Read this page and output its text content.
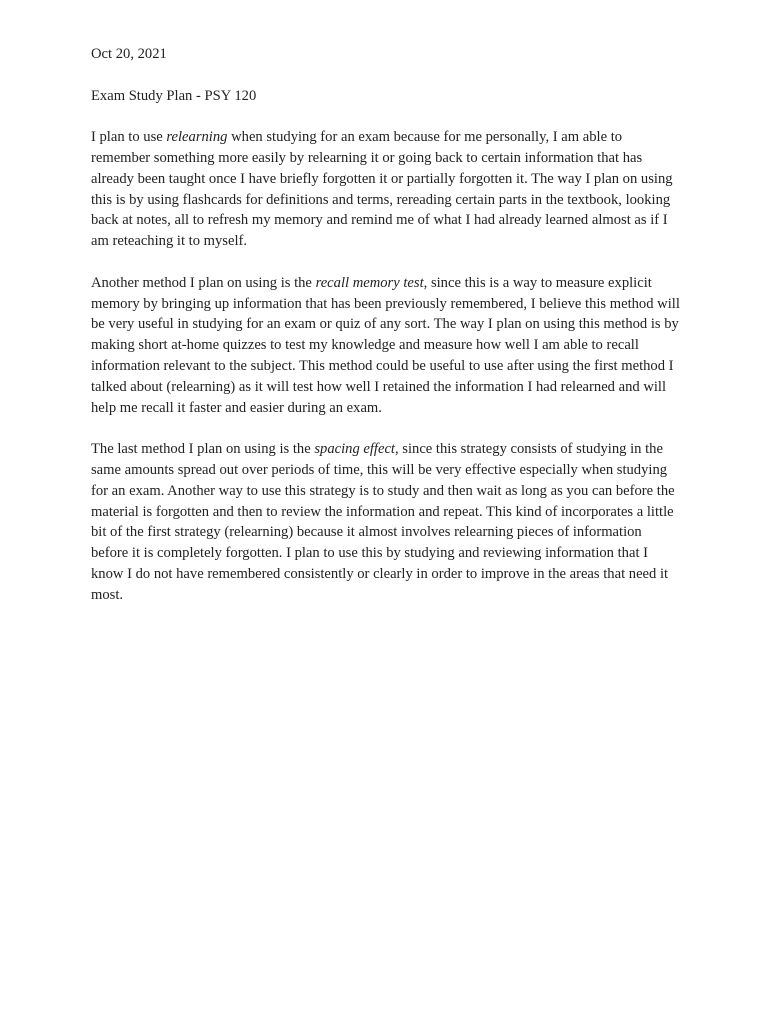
Oct 20, 2021
Exam Study Plan - PSY 120

I plan to use relearning when studying for an exam because for me personally, I am able to remember something more easily by relearning it or going back to certain information that has already been taught once I have briefly forgotten it or partially forgotten it. The way I plan on using this is by using flashcards for definitions and terms, rereading certain parts in the textbook, looking back at notes, all to refresh my memory and remind me of what I had already learned almost as if I am reteaching it to myself.

Another method I plan on using is the recall memory test, since this is a way to measure explicit memory by bringing up information that has been previously remembered, I believe this method will be very useful in studying for an exam or quiz of any sort. The way I plan on using this method is by making short at-home quizzes to test my knowledge and measure how well I am able to recall information relevant to the subject. This method could be useful to use after using the first method I talked about (relearning) as it will test how well I retained the information I had relearned and will help me recall it faster and easier during an exam.

The last method I plan on using is the spacing effect, since this strategy consists of studying in the same amounts spread out over periods of time, this will be very effective especially when studying for an exam. Another way to use this strategy is to study and then wait as long as you can before the material is forgotten and then to review the information and repeat. This kind of incorporates a little bit of the first strategy (relearning) because it almost involves relearning pieces of information before it is completely forgotten. I plan to use this by studying and reviewing information that I know I do not have remembered consistently or clearly in order to improve in the areas that need it most.
